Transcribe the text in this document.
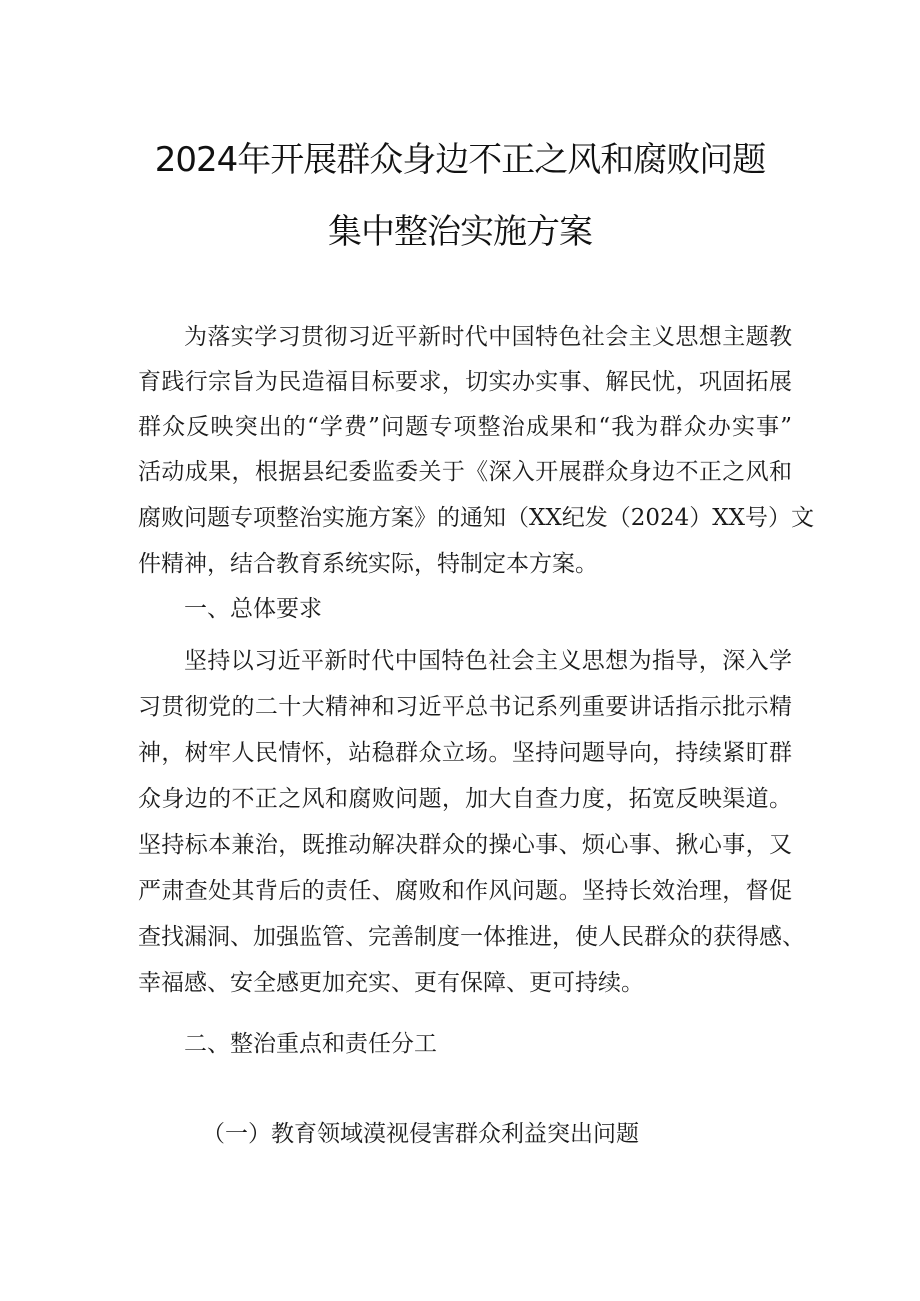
2024年开展群众身边不正之风和腐败问题
集中整治实施方案
为落实学习贯彻习近平新时代中国特色社会主义思想主题教
育践行宗旨为民造福目标要求，切实办实事、解民忧，巩固拓展
群众反映突出的“学费”问题专项整治成果和“我为群众办实事”
活动成果，根据县纪委监委关于《深入开展群众身边不正之风和
腐败问题专项整治实施方案》的通知（XX纪发（2024）XX号）文
件精神，结合教育系统实际，特制定本方案。
一、总体要求
坚持以习近平新时代中国特色社会主义思想为指导，深入学
习贯彻党的二十大精神和习近平总书记系列重要讲话指示批示精
神，树牢人民情怀，站稳群众立场。坚持问题导向，持续紧盯群
众身边的不正之风和腐败问题，加大自查力度，拓宽反映渠道。
坚持标本兼治，既推动解决群众的操心事、烦心事、揪心事，又
严肃查处其背后的责任、腐败和作风问题。坚持长效治理，督促
查找漏洞、加强监管、完善制度一体推进，使人民群众的获得感、
幸福感、安全感更加充实、更有保障、更可持续。
二、整治重点和责任分工
（一）教育领域漠视侵害群众利益突出问题
